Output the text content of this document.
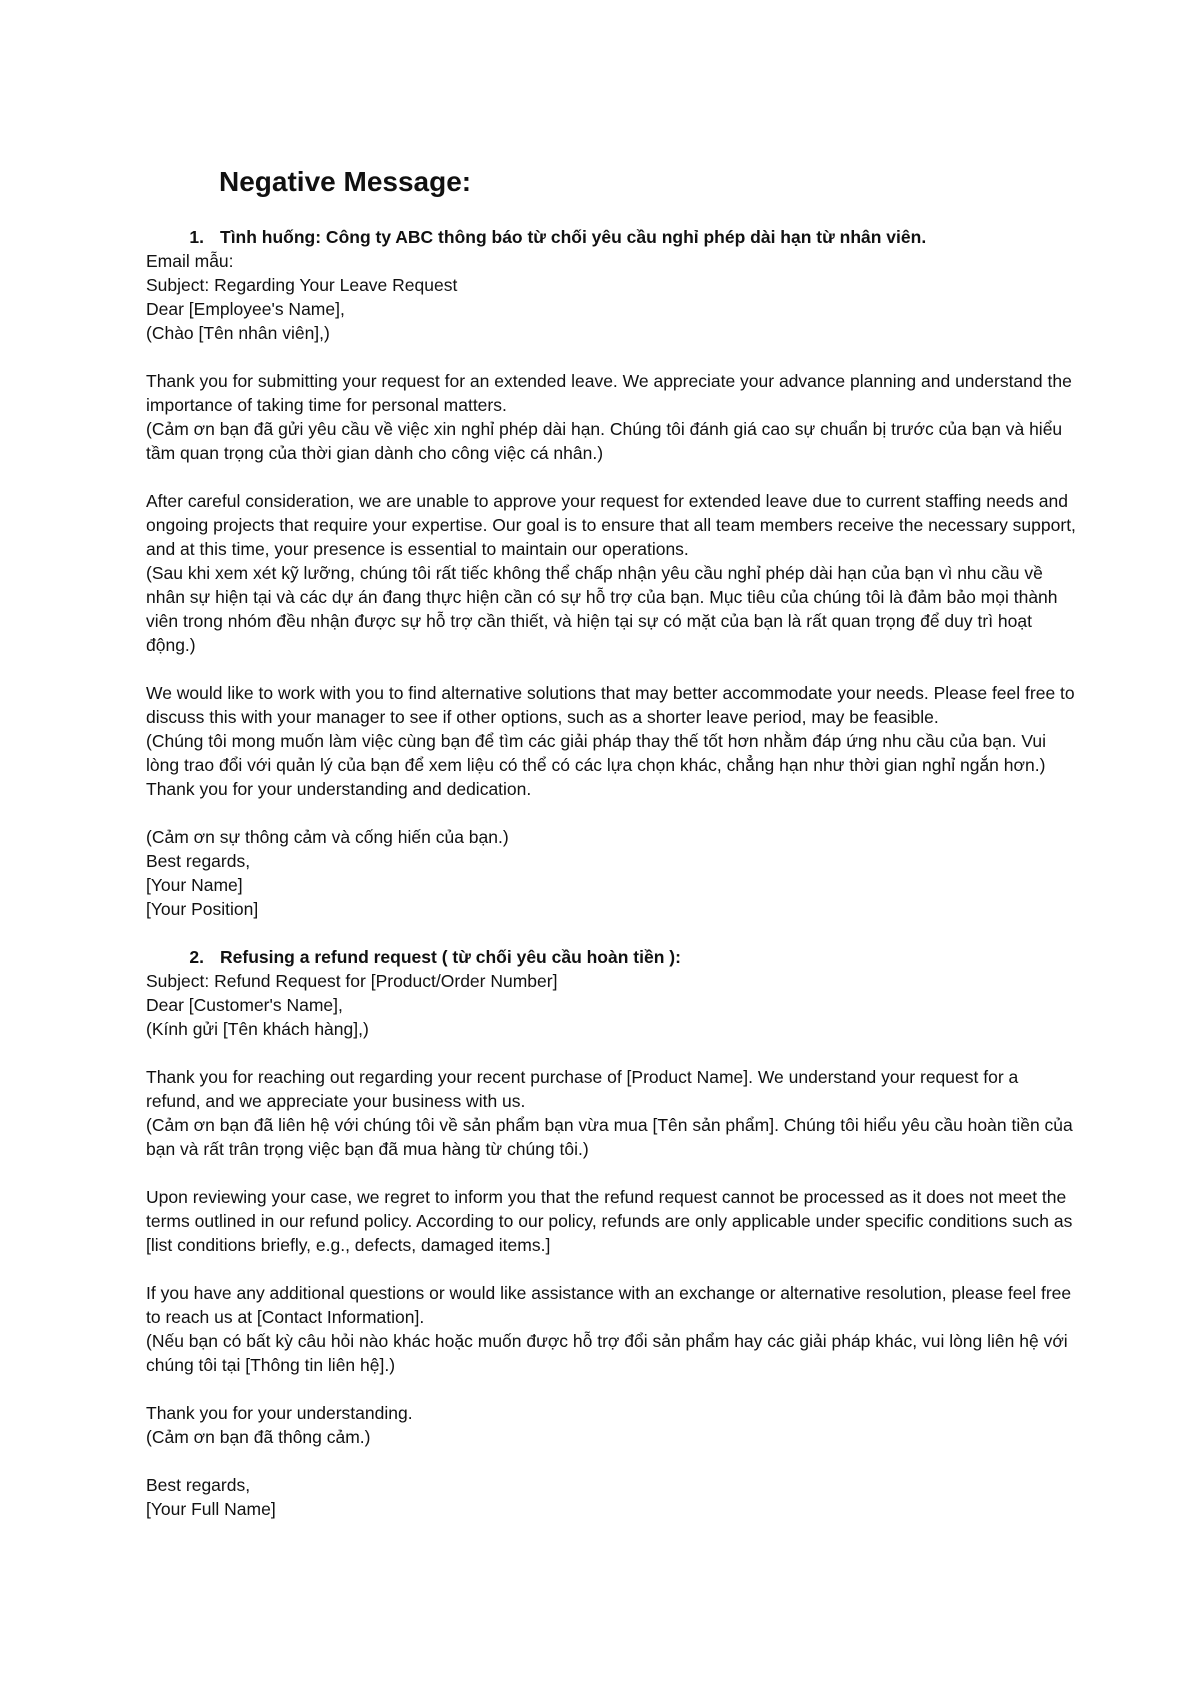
Negative Message:
1. Tình huống: Công ty ABC thông báo từ chối yêu cầu nghỉ phép dài hạn từ nhân viên.
Email mẫu:
Subject: Regarding Your Leave Request
Dear [Employee's Name],
(Chào [Tên nhân viên],)

Thank you for submitting your request for an extended leave. We appreciate your advance planning and understand the importance of taking time for personal matters.

(Cảm ơn bạn đã gửi yêu cầu về việc xin nghỉ phép dài hạn. Chúng tôi đánh giá cao sự chuẩn bị trước của bạn và hiểu tầm quan trọng của thời gian dành cho công việc cá nhân.)

After careful consideration, we are unable to approve your request for extended leave due to current staffing needs and ongoing projects that require your expertise. Our goal is to ensure that all team members receive the necessary support, and at this time, your presence is essential to maintain our operations.

(Sau khi xem xét kỹ lưỡng, chúng tôi rất tiếc không thể chấp nhận yêu cầu nghỉ phép dài hạn của bạn vì nhu cầu về nhân sự hiện tại và các dự án đang thực hiện cần có sự hỗ trợ của bạn. Mục tiêu của chúng tôi là đảm bảo mọi thành viên trong nhóm đều nhận được sự hỗ trợ cần thiết, và hiện tại sự có mặt của bạn là rất quan trọng để duy trì hoạt động.)

We would like to work with you to find alternative solutions that may better accommodate your needs. Please feel free to discuss this with your manager to see if other options, such as a shorter leave period, may be feasible.

(Chúng tôi mong muốn làm việc cùng bạn để tìm các giải pháp thay thế tốt hơn nhằm đáp ứng nhu cầu của bạn. Vui lòng trao đổi với quản lý của bạn để xem liệu có thể có các lựa chọn khác, chẳng hạn như thời gian nghỉ ngắn hơn.)

Thank you for your understanding and dedication.
(Cảm ơn sự thông cảm và cống hiến của bạn.)
Best regards,
[Your Name]
[Your Position]
2. Refusing a refund request ( từ chối yêu cầu hoàn tiền ):
Subject: Refund Request for [Product/Order Number]
Dear [Customer's Name],
(Kính gửi [Tên khách hàng],)

Thank you for reaching out regarding your recent purchase of [Product Name]. We understand your request for a refund, and we appreciate your business with us.

(Cảm ơn bạn đã liên hệ với chúng tôi về sản phẩm bạn vừa mua [Tên sản phẩm]. Chúng tôi hiểu yêu cầu hoàn tiền của bạn và rất trân trọng việc bạn đã mua hàng từ chúng tôi.)

Upon reviewing your case, we regret to inform you that the refund request cannot be processed as it does not meet the terms outlined in our refund policy. According to our policy, refunds are only applicable under specific conditions such as [list conditions briefly, e.g., defects, damaged items.]

If you have any additional questions or would like assistance with an exchange or alternative resolution, please feel free to reach us at [Contact Information].

(Nếu bạn có bất kỳ câu hỏi nào khác hoặc muốn được hỗ trợ đổi sản phẩm hay các giải pháp khác, vui lòng liên hệ với chúng tôi tại [Thông tin liên hệ].)

Thank you for your understanding.
(Cảm ơn bạn đã thông cảm.)
Best regards,
[Your Full Name]
